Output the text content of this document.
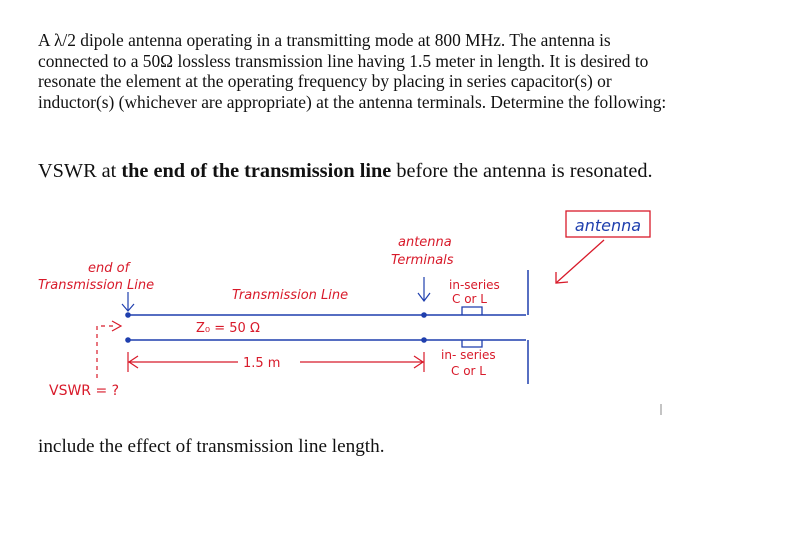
A λ/2 dipole antenna operating in a transmitting mode at 800 MHz. The antenna is connected to a 50Ω lossless transmission line having 1.5 meter in length. It is desired to resonate the element at the operating frequency by placing in series capacitor(s) or inductor(s) (whichever are appropriate) at the antenna terminals. Determine the following:

VSWR at the end of the transmission line before the antenna is resonated.

antenna
antenna
Terminals
end of
Transmission Line
Transmission Line
in-series
C or L
Z₀ = 50 Ω
1.5 m
in- series
C or L
VSWR = ?

include the effect of transmission line length.
